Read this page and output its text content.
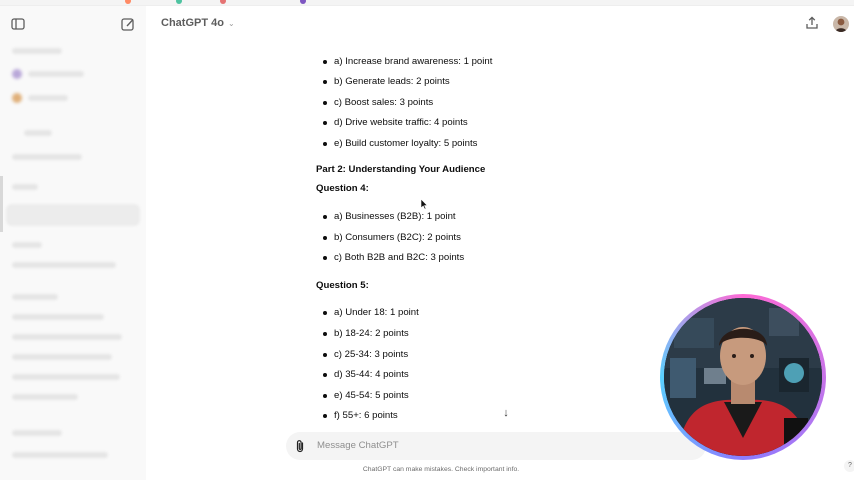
ChatGPT 4o ⌄
a) Increase brand awareness: 1 point
b) Generate leads: 2 points
c) Boost sales: 3 points
d) Drive website traffic: 4 points
e) Build customer loyalty: 5 points
Part 2: Understanding Your Audience
Question 4:
a) Businesses (B2B): 1 point
b) Consumers (B2C): 2 points
c) Both B2B and B2C: 3 points
Question 5:
a) Under 18: 1 point
b) 18-24: 2 points
c) 25-34: 3 points
d) 35-44: 4 points
e) 45-54: 5 points
f) 55+: 6 points	↓
Message ChatGPT
ChatGPT can make mistakes. Check important info.
?
